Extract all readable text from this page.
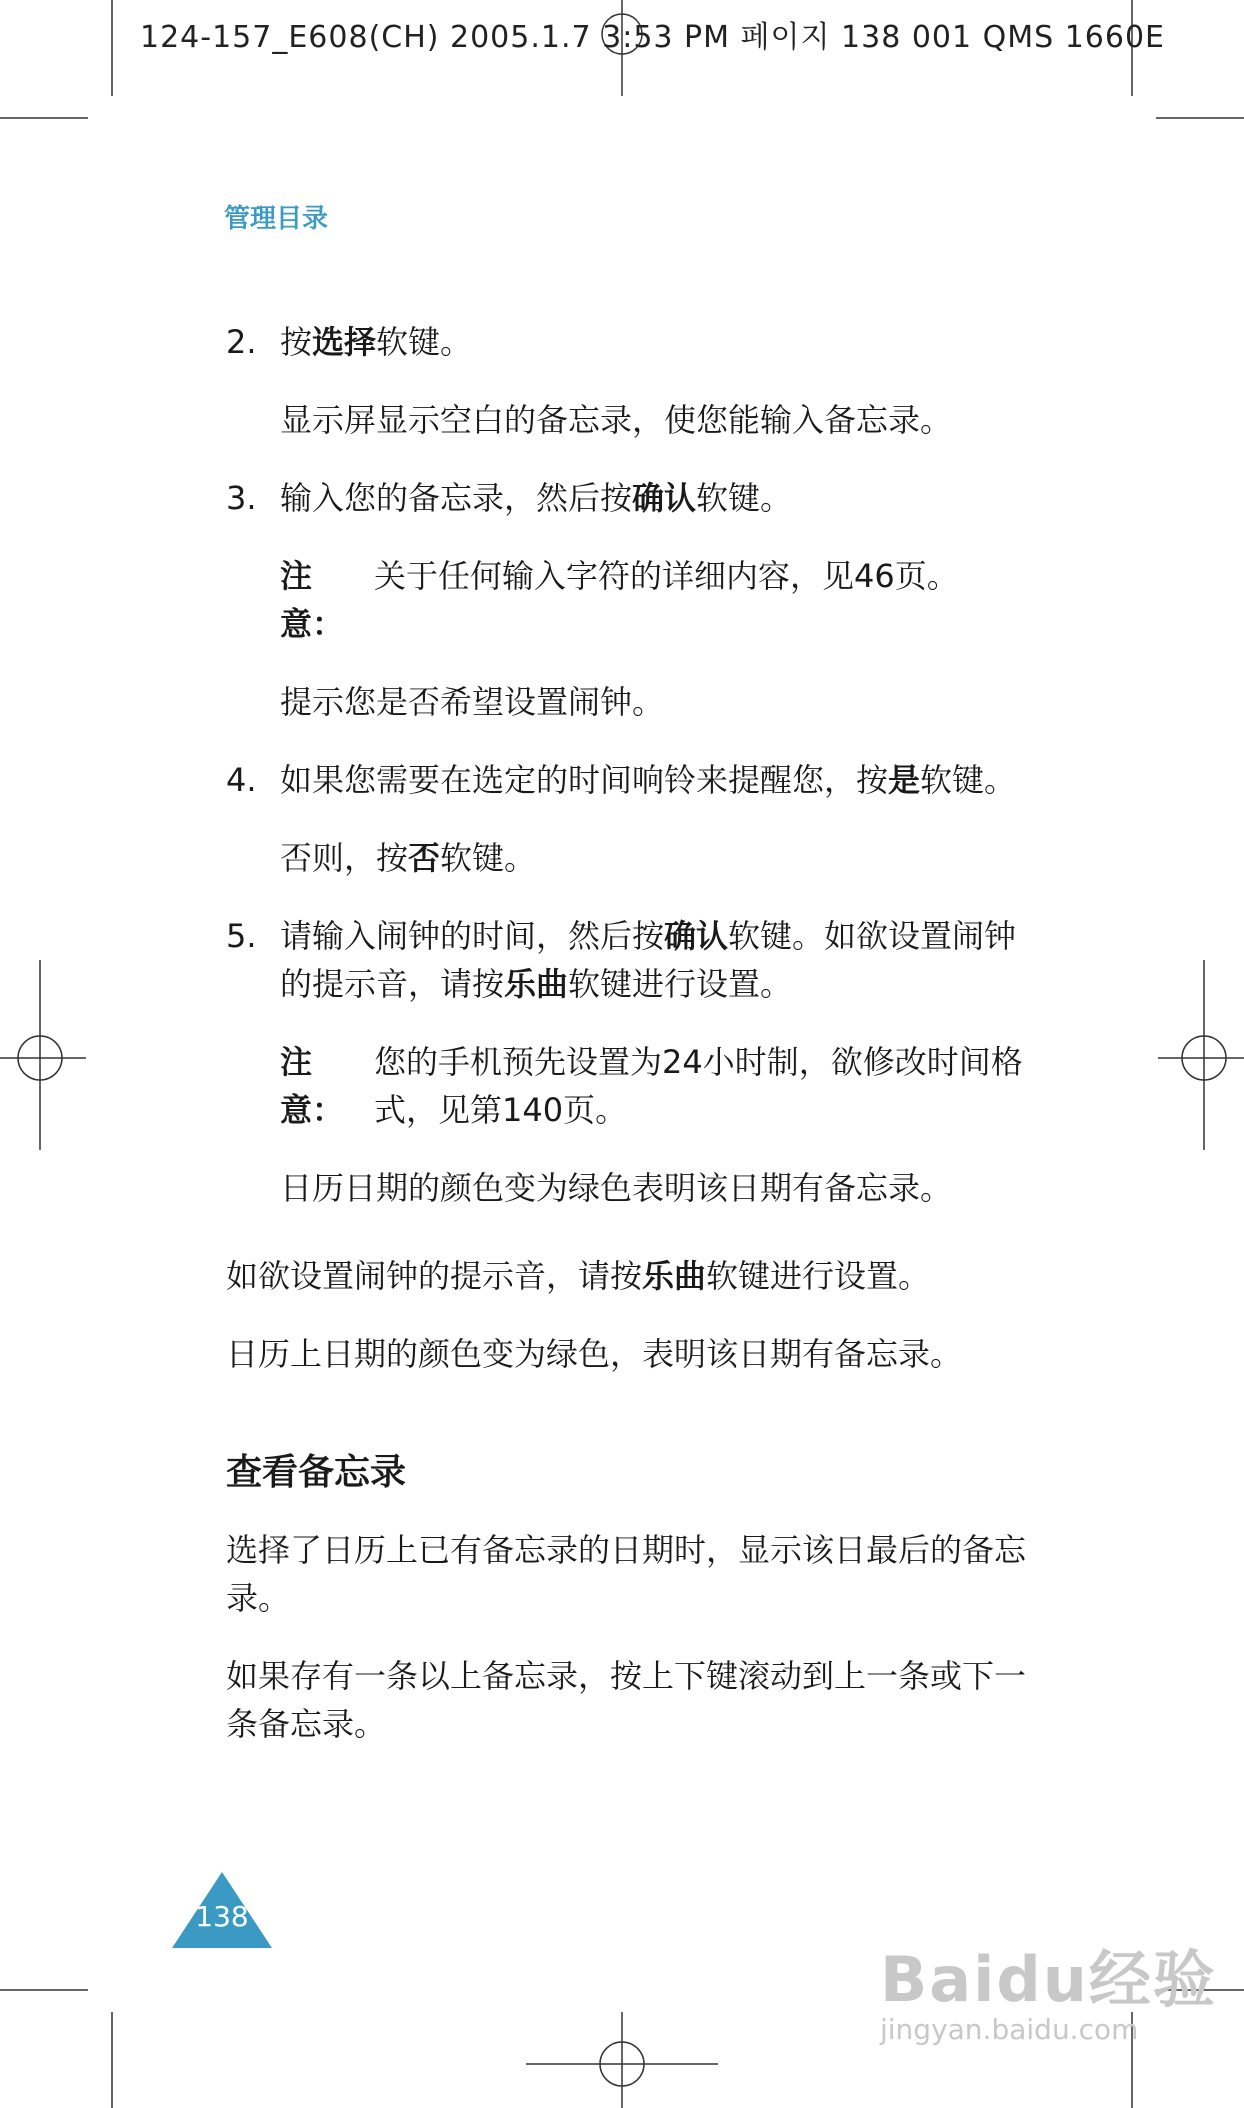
124-157_E608(CH) 2005.1.7 3:53 PM 페이지 138 001 QMS 1660E
管理目录
2. 按选择软键。
显示屏显示空白的备忘录，使您能输入备忘录。
3. 输入您的备忘录，然后按确认软键。
注意：
关于任何输入字符的详细内容，见46页。
提示您是否希望设置闹钟。
4. 如果您需要在选定的时间响铃来提醒您，按是软键。
否则，按否软键。
5. 请输入闹钟的时间，然后按确认软键。如欲设置闹钟的提示音，请按乐曲软键进行设置。
注意：
您的手机预先设置为24小时制，欲修改时间格式，见第140页。
日历日期的颜色变为绿色表明该日期有备忘录。
如欲设置闹钟的提示音，请按乐曲软键进行设置。
日历上日期的颜色变为绿色，表明该日期有备忘录。
查看备忘录
选择了日历上已有备忘录的日期时，显示该日最后的备忘录。
如果存有一条以上备忘录，按上下键滚动到上一条或下一条备忘录。
138
Baidu经验
jingyan.baidu.com
